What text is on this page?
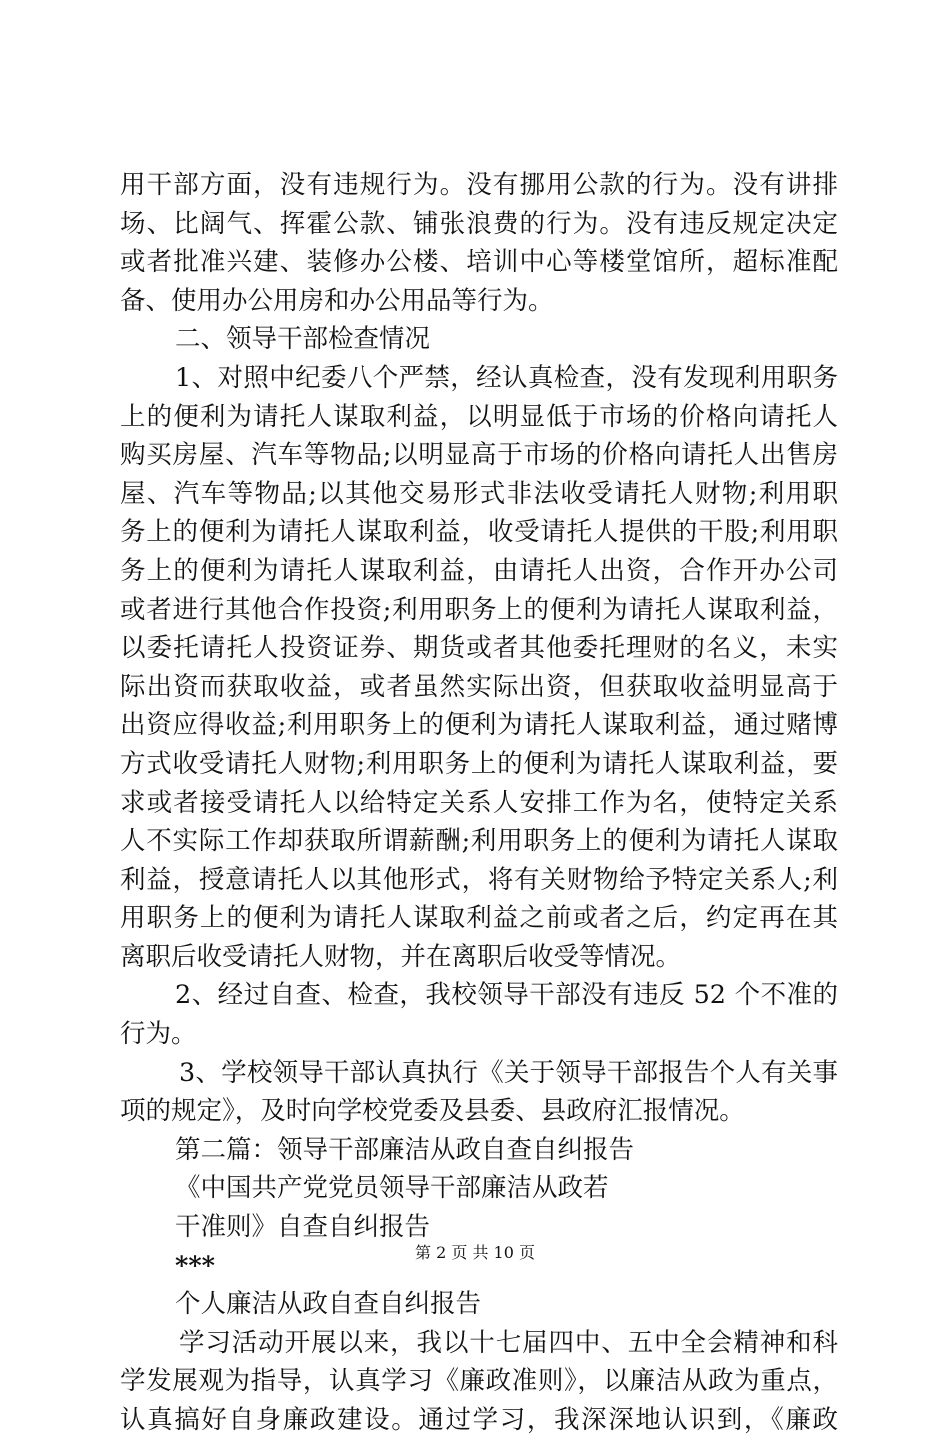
用干部方面，没有违规行为。没有挪用公款的行为。没有讲排
场、比阔气、挥霍公款、铺张浪费的行为。没有违反规定决定
或者批准兴建、装修办公楼、培训中心等楼堂馆所，超标准配
备、使用办公用房和办公用品等行为。
二、领导干部检查情况
1、对照中纪委八个严禁，经认真检查，没有发现利用职务
上的便利为请托人谋取利益，以明显低于市场的价格向请托人
购买房屋、汽车等物品;以明显高于市场的价格向请托人出售房
屋、汽车等物品;以其他交易形式非法收受请托人财物;利用职
务上的便利为请托人谋取利益，收受请托人提供的干股;利用职
务上的便利为请托人谋取利益，由请托人出资，合作开办公司
或者进行其他合作投资;利用职务上的便利为请托人谋取利益，
以委托请托人投资证券、期货或者其他委托理财的名义，未实
际出资而获取收益，或者虽然实际出资，但获取收益明显高于
出资应得收益;利用职务上的便利为请托人谋取利益，通过赌博
方式收受请托人财物;利用职务上的便利为请托人谋取利益，要
求或者接受请托人以给特定关系人安排工作为名，使特定关系
人不实际工作却获取所谓薪酬;利用职务上的便利为请托人谋取
利益，授意请托人以其他形式，将有关财物给予特定关系人;利
用职务上的便利为请托人谋取利益之前或者之后，约定再在其
离职后收受请托人财物，并在离职后收受等情况。
2、经过自查、检查，我校领导干部没有违反 52 个不准的
行为。
3、学校领导干部认真执行《关于领导干部报告个人有关事
项的规定》，及时向学校党委及县委、县政府汇报情况。
第二篇：领导干部廉洁从政自查自纠报告
《中国共产党党员领导干部廉洁从政若
干准则》自查自纠报告
***
个人廉洁从政自查自纠报告
学习活动开展以来，我以十七届四中、五中全会精神和科
学发展观为指导，认真学习《廉政准则》，以廉洁从政为重点，
认真搞好自身廉政建设。通过学习，我深深地认识到，《廉政
第 2 页 共 10 页
